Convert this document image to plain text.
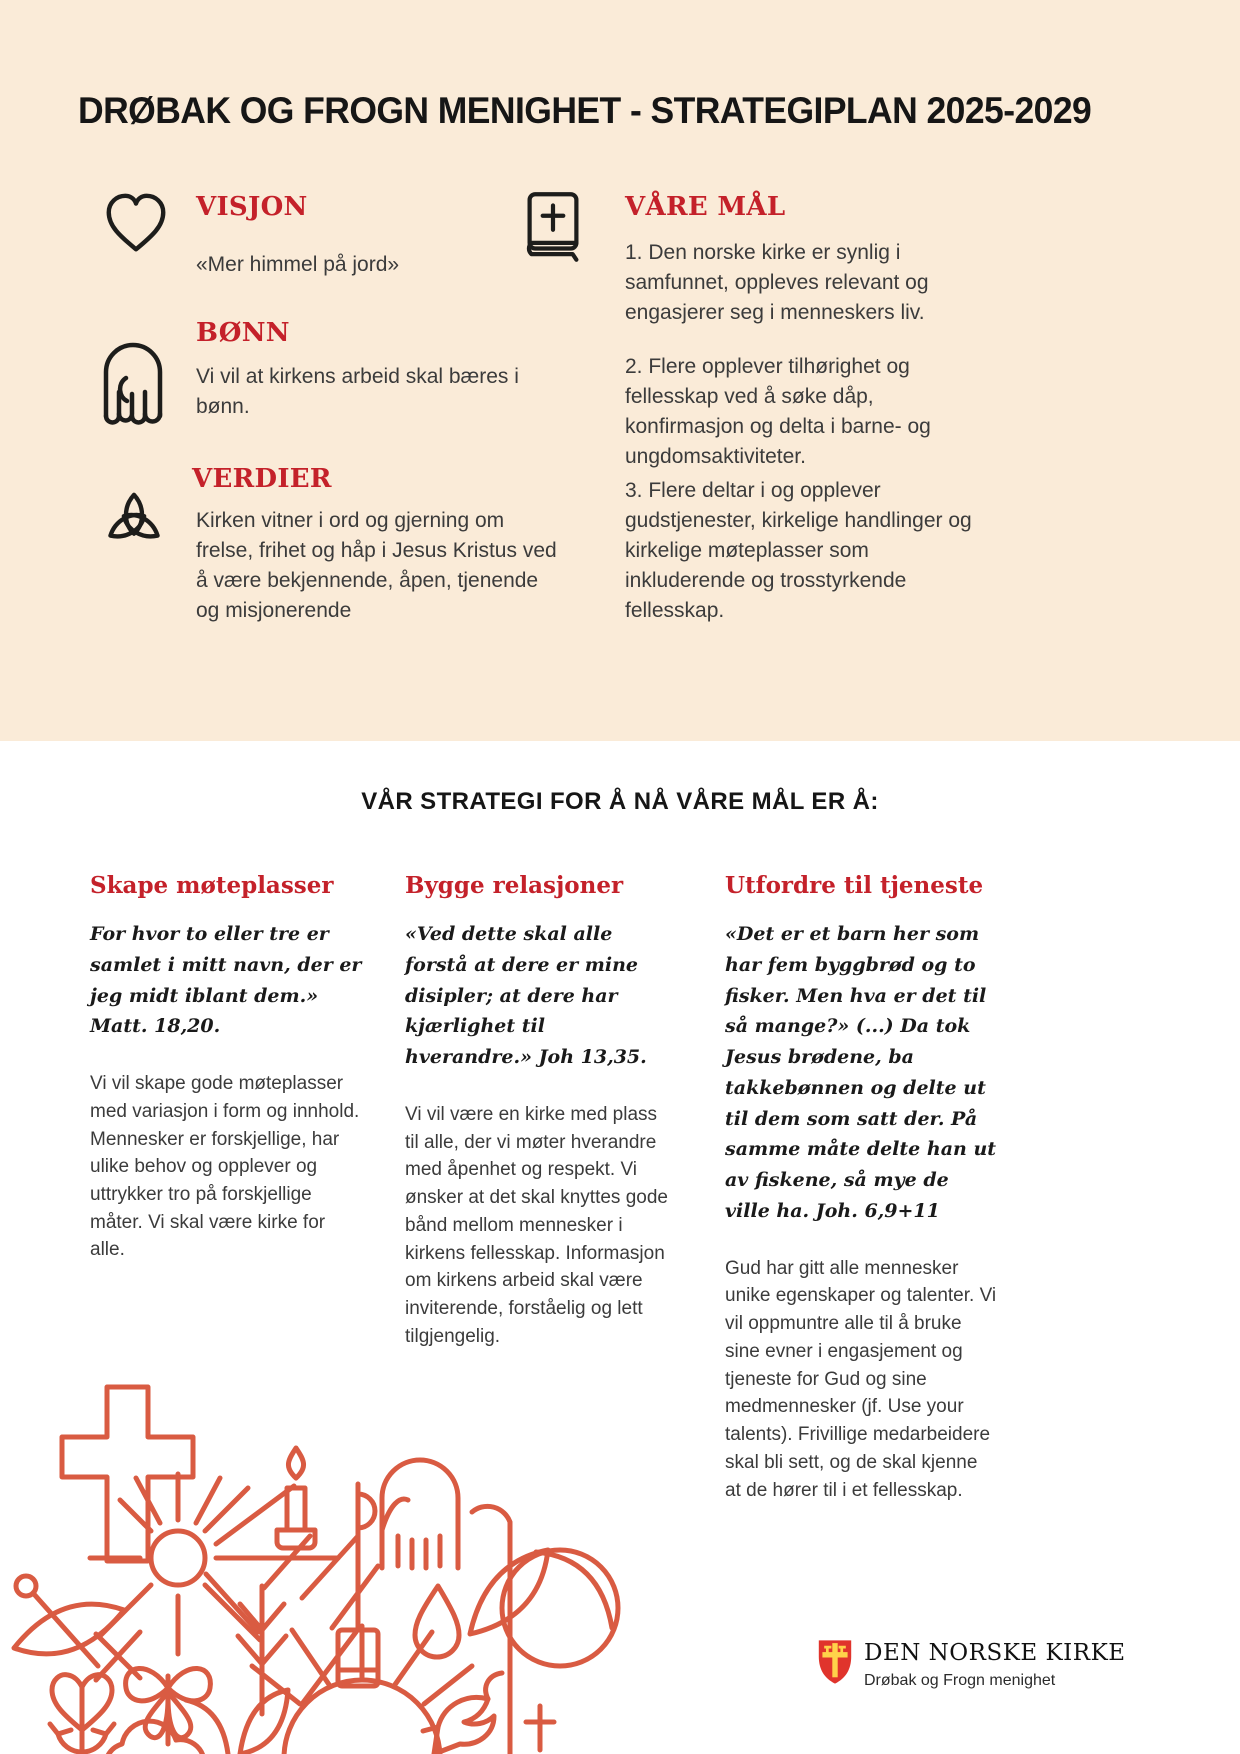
DRØBAK OG FROGN MENIGHET - STRATEGIPLAN 2025-2029
VISJON
«Mer himmel på jord»
BØNN
Vi vil at kirkens arbeid skal bæres i bønn.
VERDIER
Kirken vitner i ord og gjerning om frelse, frihet og håp i Jesus Kristus ved å være bekjennende, åpen, tjenende og misjonerende
VÅRE MÅL

1. Den norske kirke er synlig i samfunnet, oppleves relevant og engasjerer seg i menneskers liv.

2. Flere opplever tilhørighet og fellesskap ved å søke dåp, konfirmasjon og delta i barne- og ungdomsaktiviteter.

3. Flere deltar i og opplever gudstjenester, kirkelige handlinger og kirkelige møteplasser som inkluderende og trosstyrkende fellesskap.

VÅR STRATEGI FOR Å NÅ VÅRE MÅL ER Å:
Skape møteplasser

For hvor to eller tre er samlet i mitt navn, der er jeg midt iblant dem.» Matt. 18,20.

Vi vil skape gode møteplasser med variasjon i form og innhold. Mennesker er forskjellige, har ulike behov og opplever og uttrykker tro på forskjellige måter. Vi skal være kirke for alle.

Bygge relasjoner

«Ved dette skal alle forstå at dere er mine disipler; at dere har kjærlighet til hverandre.» Joh 13,35.

Vi vil være en kirke med plass til alle, der vi møter hverandre med åpenhet og respekt. Vi ønsker at det skal knyttes gode bånd mellom mennesker i kirkens fellesskap. Informasjon om kirkens arbeid skal være inviterende, forståelig og lett tilgjengelig.

Utfordre til tjeneste

«Det er et barn her som har fem byggbrød og to fisker. Men hva er det til så mange?» (...) Da tok Jesus brødene, ba takkebønnen og delte ut til dem som satt der. På samme måte delte han ut av fiskene, så mye de ville ha. Joh. 6,9+11

Gud har gitt alle mennesker unike egenskaper og talenter. Vi vil oppmuntre alle til å bruke sine evner i engasjement og tjeneste for Gud og sine medmennesker (jf. Use your talents). Frivillige medarbeidere skal bli sett, og de skal kjenne at de hører til i et fellesskap.

DEN NORSKE KIRKE
Drøbak og Frogn menighet
